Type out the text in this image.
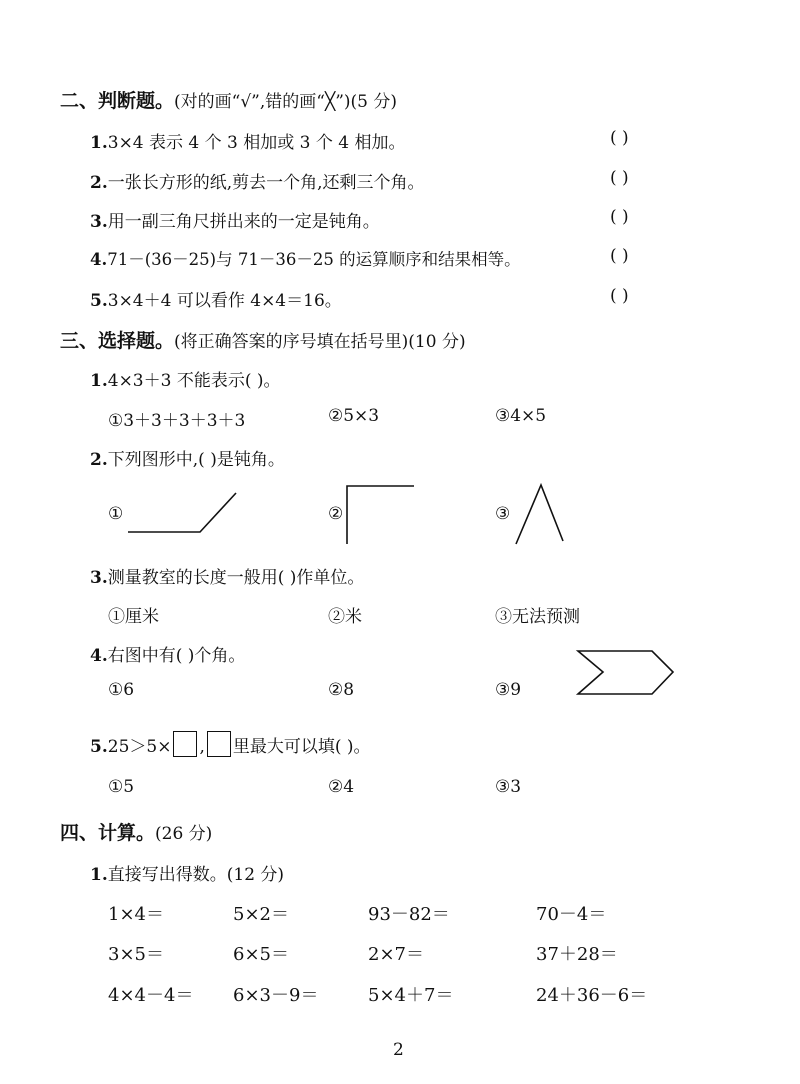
二、判断题。(对的画“√”,错的画“╳”)(5 分)
1.3×4 表示 4 个 3 相加或 3 个 4 相加。	( )
2.一张长方形的纸,剪去一个角,还剩三个角。	( )
3.用一副三角尺拼出来的一定是钝角。	( )
4.71－(36－25)与 71－36－25 的运算顺序和结果相等。	( )
5.3×4＋4 可以看作 4×4＝16。	( )
三、选择题。(将正确答案的序号填在括号里)(10 分)
1.4×3＋3 不能表示( )。
①3＋3＋3＋3＋3	②5×3	③4×5
2.下列图形中,( )是钝角。
①	②	③
3.测量教室的长度一般用( )作单位。
①厘米	②米	③无法预测
4.右图中有( )个角。
①6	②8	③9
5.25＞5× , 里最大可以填( )。
①5	②4	③3
四、计算。(26 分)
1.直接写出得数。(12 分)
1×4＝	5×2＝	93－82＝	70－4＝
3×5＝	6×5＝	2×7＝	37＋28＝
4×4－4＝ 6×3－9＝	5×4＋7＝	24＋36－6＝
2
